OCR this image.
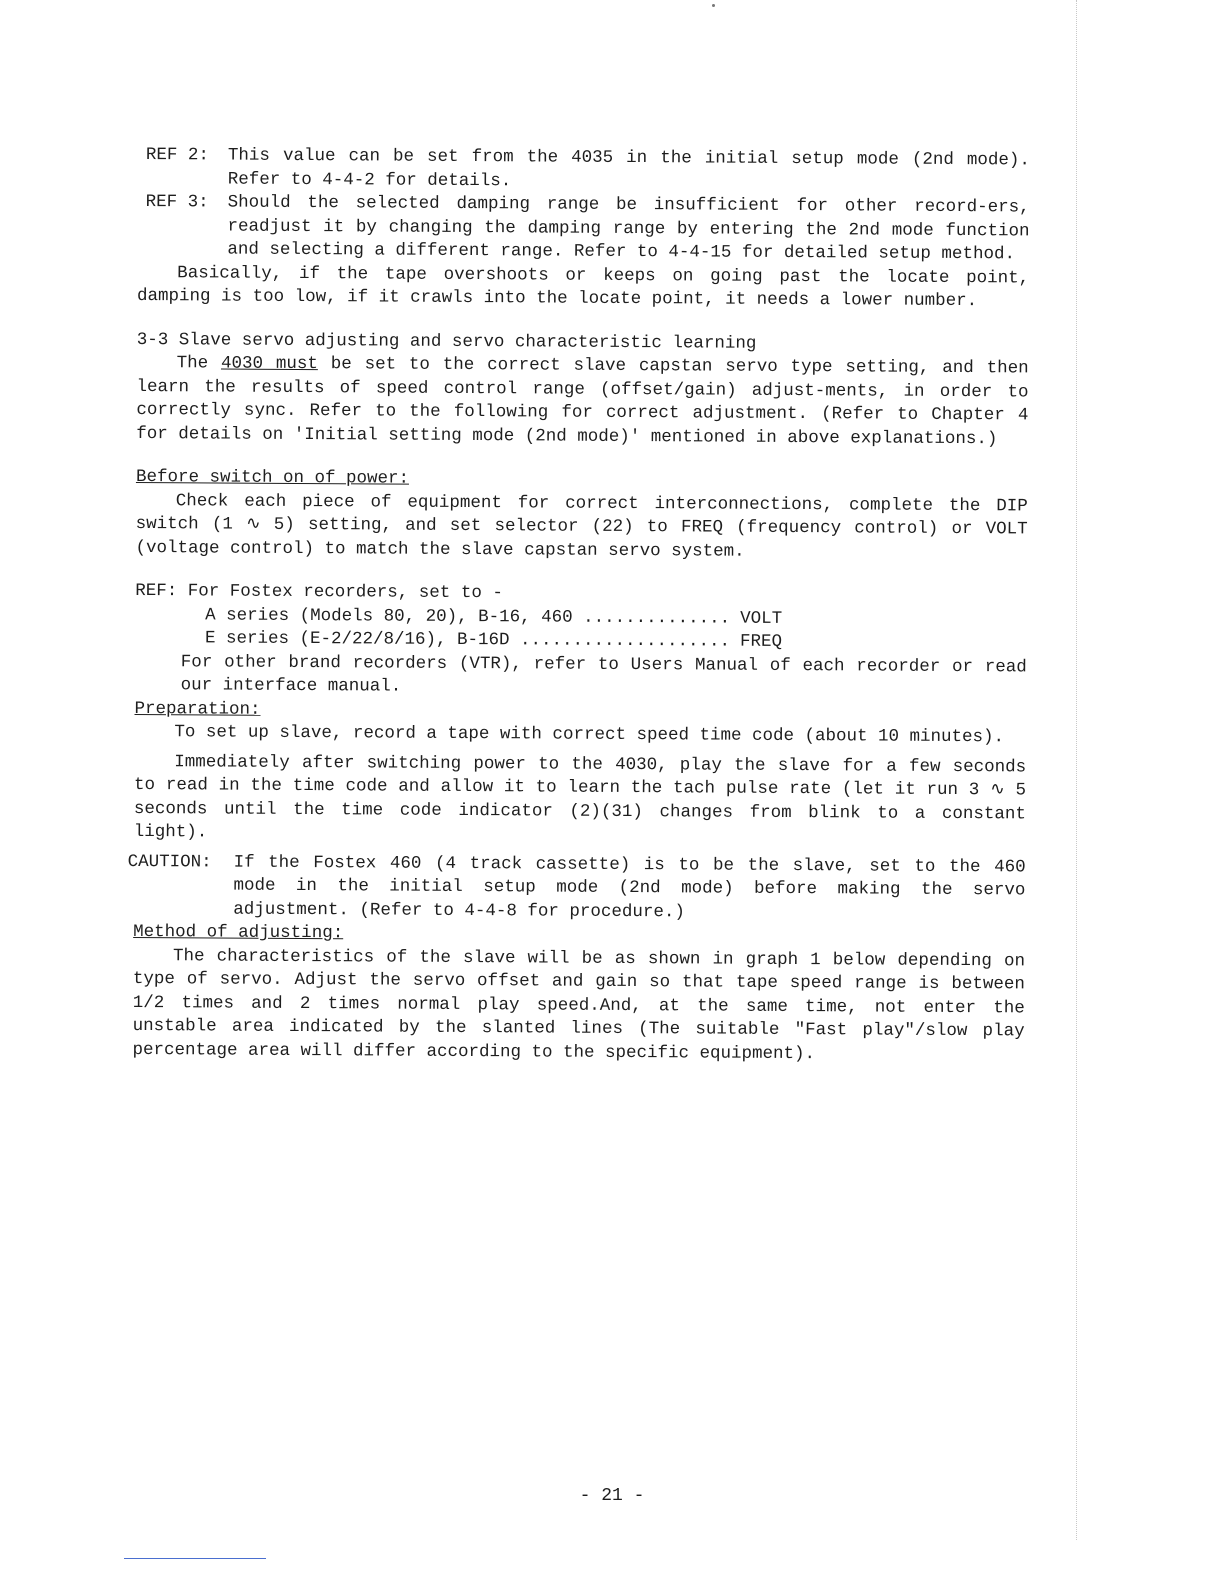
REF 2: This value can be set from the 4035 in the initial setup mode (2nd mode). Refer to 4-4-2 for details.
REF 3: Should the selected damping range be insufficient for other record-ers, readjust it by changing the damping range by entering the 2nd mode function and selecting a different range. Refer to 4-4-15 for detailed setup method.
Basically, if the tape overshoots or keeps on going past the locate point, damping is too low, if it crawls into the locate point, it needs a lower number.
3-3 Slave servo adjusting and servo characteristic learning
The 4030 must be set to the correct slave capstan servo type setting, and then learn the results of speed control range (offset/gain) adjust-ments, in order to correctly sync. Refer to the following for correct adjustment. (Refer to Chapter 4 for details on 'Initial setting mode (2nd mode)' mentioned in above explanations.)
Before switch on of power:
Check each piece of equipment for correct interconnections, complete the DIP switch (1 ∿ 5) setting, and set selector (22) to FREQ (frequency control) or VOLT (voltage control) to match the slave capstan servo system.
REF: For Fostex recorders, set to -
A series (Models 80, 20), B-16, 460 .............. VOLT
E series (E-2/22/8/16), B-16D .................... FREQ
For other brand recorders (VTR), refer to Users Manual of each recorder or read our interface manual.
Preparation:
To set up slave, record a tape with correct speed time code (about 10 minutes).
Immediately after switching power to the 4030, play the slave for a few seconds to read in the time code and allow it to learn the tach pulse rate (let it run 3 ∿ 5 seconds until the time code indicator (2)(31) changes from blink to a constant light).
CAUTION: If the Fostex 460 (4 track cassette) is to be the slave, set to the 460 mode in the initial setup mode (2nd mode) before making the servo adjustment. (Refer to 4-4-8 for procedure.)
Method of adjusting:
The characteristics of the slave will be as shown in graph 1 below depending on type of servo. Adjust the servo offset and gain so that tape speed range is between 1/2 times and 2 times normal play speed.And, at the same time, not enter the unstable area indicated by the slanted lines (The suitable "Fast play"/slow play percentage area will differ according to the specific equipment).
- 21 -
